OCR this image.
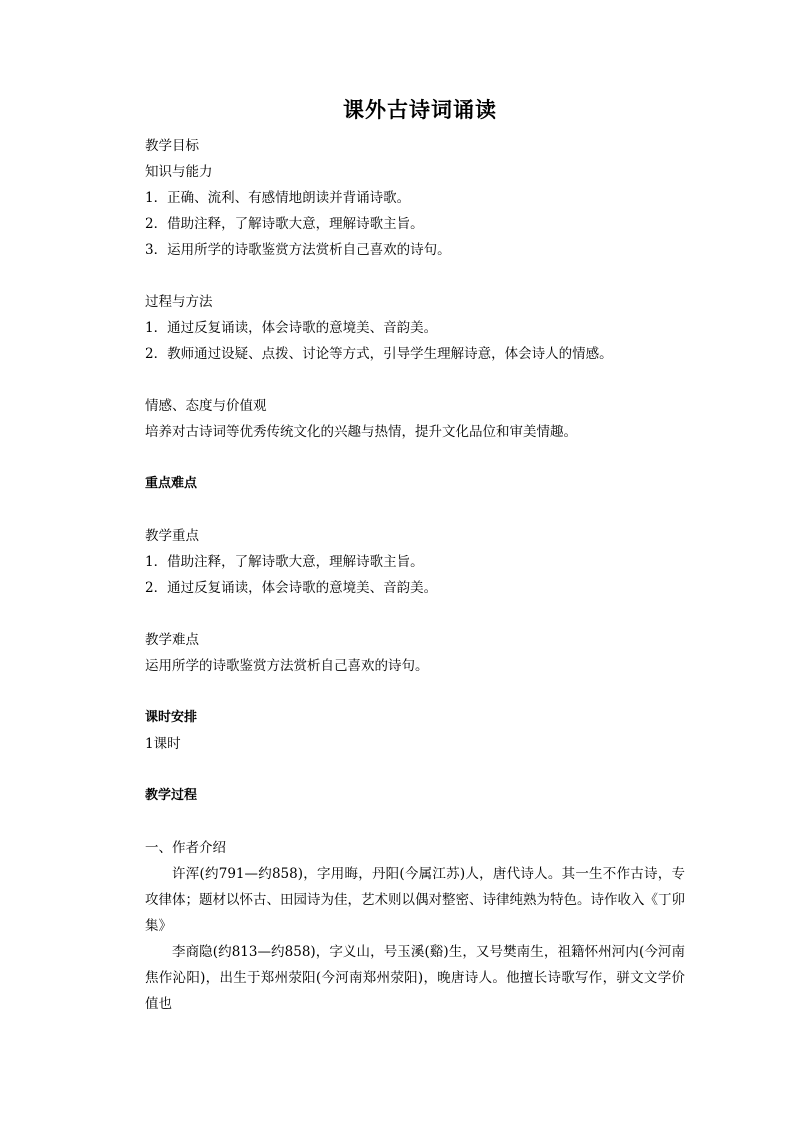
课外古诗词诵读
教学目标
知识与能力
1．正确、流利、有感情地朗读并背诵诗歌。
2．借助注释，了解诗歌大意，理解诗歌主旨。
3．运用所学的诗歌鉴赏方法赏析自己喜欢的诗句。
过程与方法
1．通过反复诵读，体会诗歌的意境美、音韵美。
2．教师通过设疑、点拨、讨论等方式，引导学生理解诗意，体会诗人的情感。
情感、态度与价值观
培养对古诗词等优秀传统文化的兴趣与热情，提升文化品位和审美情趣。
重点难点
教学重点
1．借助注释，了解诗歌大意，理解诗歌主旨。
2．通过反复诵读，体会诗歌的意境美、音韵美。
教学难点
运用所学的诗歌鉴赏方法赏析自己喜欢的诗句。
课时安排
1课时
教学过程
一、作者介绍

许浑(约791—约858)，字用晦，丹阳(今属江苏)人，唐代诗人。其一生不作古诗，专攻律体；题材以怀古、田园诗为佳，艺术则以偶对整密、诗律纯熟为特色。诗作收入《丁卯集》

李商隐(约813—约858)，字义山，号玉溪(谿)生，又号樊南生，祖籍怀州河内(今河南焦作沁阳)，出生于郑州荥阳(今河南郑州荥阳)，晚唐诗人。他擅长诗歌写作，骈文文学价值也
